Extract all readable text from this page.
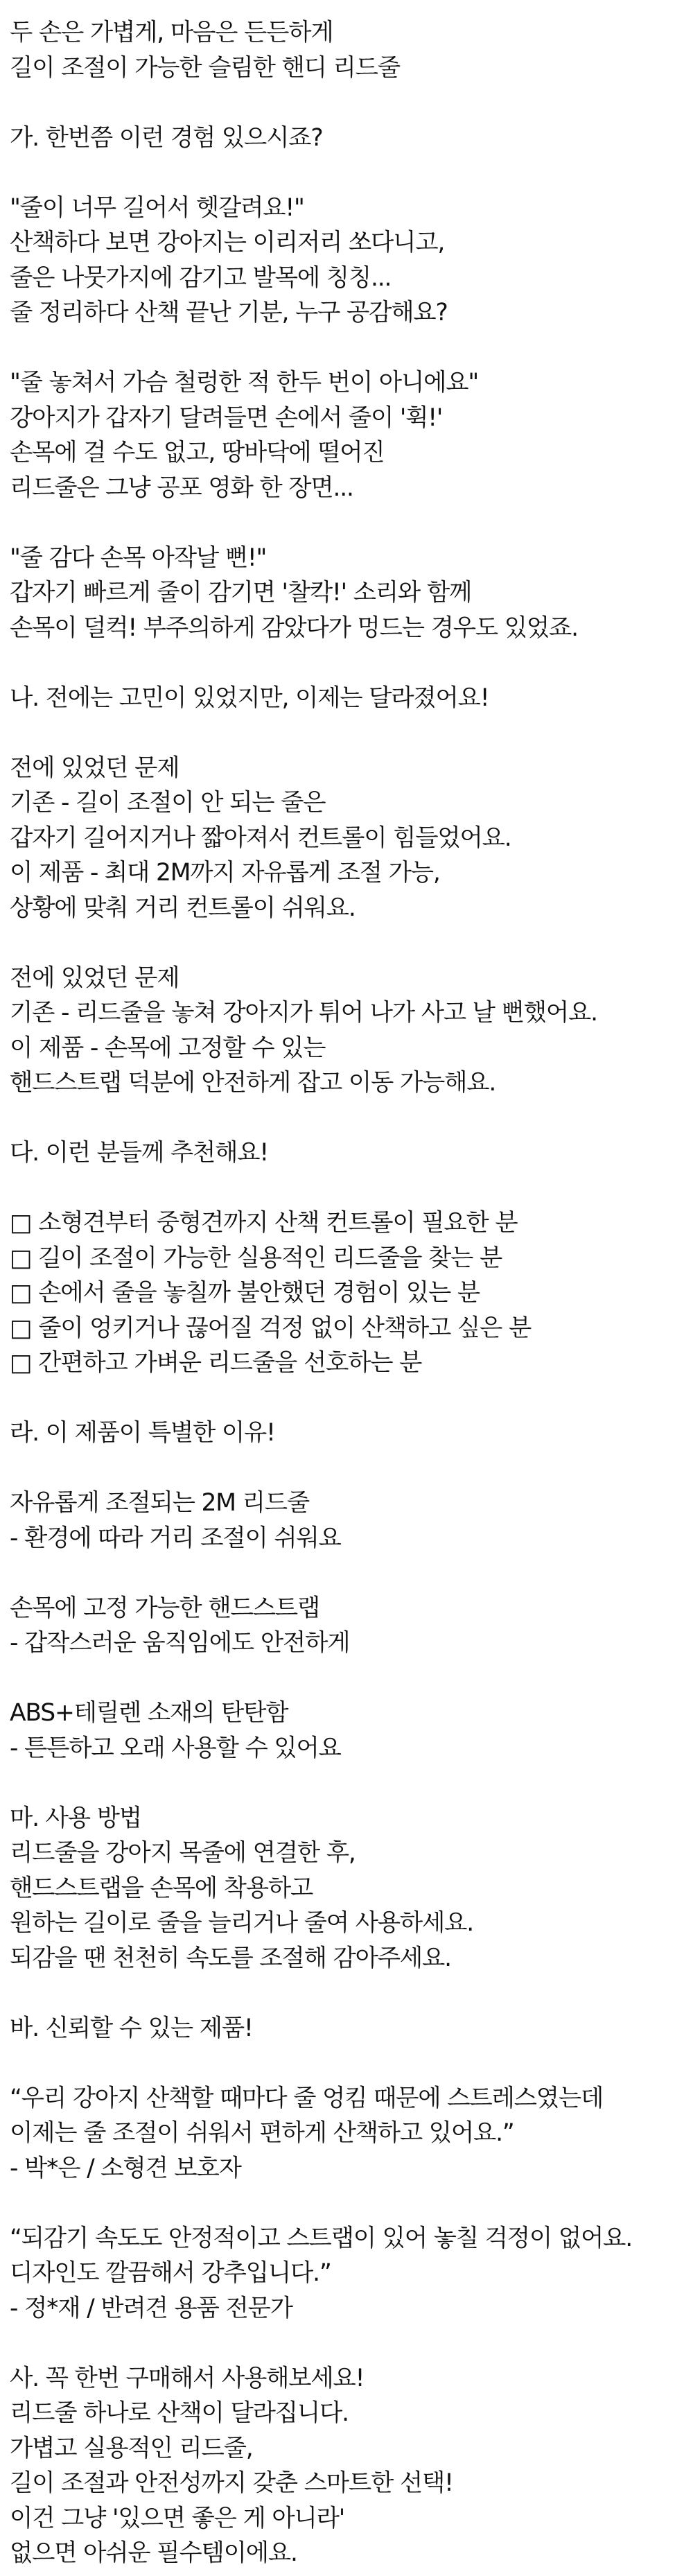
두 손은 가볍게, 마음은 든든하게
길이 조절이 가능한 슬림한 핸디 리드줄
가. 한번쯤 이런 경험 있으시죠?
"줄이 너무 길어서 헷갈려요!"
산책하다 보면 강아지는 이리저리 쏘다니고,
줄은 나뭇가지에 감기고 발목에 칭칭...
줄 정리하다 산책 끝난 기분, 누구 공감해요?
"줄 놓쳐서 가슴 철렁한 적 한두 번이 아니에요"
강아지가 갑자기 달려들면 손에서 줄이 '휙!'
손목에 걸 수도 없고, 땅바닥에 떨어진
리드줄은 그냥 공포 영화 한 장면...
"줄 감다 손목 아작날 뻔!"
갑자기 빠르게 줄이 감기면 '찰칵!' 소리와 함께
손목이 덜컥! 부주의하게 감았다가 멍드는 경우도 있었죠.
나. 전에는 고민이 있었지만, 이제는 달라졌어요!
전에 있었던 문제
기존 - 길이 조절이 안 되는 줄은
갑자기 길어지거나 짧아져서 컨트롤이 힘들었어요.
이 제품 - 최대 2M까지 자유롭게 조절 가능,
상황에 맞춰 거리 컨트롤이 쉬워요.
전에 있었던 문제
기존 - 리드줄을 놓쳐 강아지가 튀어 나가 사고 날 뻔했어요.
이 제품 - 손목에 고정할 수 있는
핸드스트랩 덕분에 안전하게 잡고 이동 가능해요.
다. 이런 분들께 추천해요!
□ 소형견부터 중형견까지 산책 컨트롤이 필요한 분
□ 길이 조절이 가능한 실용적인 리드줄을 찾는 분
□ 손에서 줄을 놓칠까 불안했던 경험이 있는 분
□ 줄이 엉키거나 끊어질 걱정 없이 산책하고 싶은 분
□ 간편하고 가벼운 리드줄을 선호하는 분
라. 이 제품이 특별한 이유!
자유롭게 조절되는 2M 리드줄
- 환경에 따라 거리 조절이 쉬워요
손목에 고정 가능한 핸드스트랩
- 갑작스러운 움직임에도 안전하게
ABS+테릴렌 소재의 탄탄함
- 튼튼하고 오래 사용할 수 있어요
마. 사용 방법
리드줄을 강아지 목줄에 연결한 후,
핸드스트랩을 손목에 착용하고
원하는 길이로 줄을 늘리거나 줄여 사용하세요.
되감을 땐 천천히 속도를 조절해 감아주세요.
바. 신뢰할 수 있는 제품!
“우리 강아지 산책할 때마다 줄 엉킴 때문에 스트레스였는데
이제는 줄 조절이 쉬워서 편하게 산책하고 있어요.”
- 박*은 / 소형견 보호자
“되감기 속도도 안정적이고 스트랩이 있어 놓칠 걱정이 없어요.
디자인도 깔끔해서 강추입니다.”
- 정*재 / 반려견 용품 전문가
사. 꼭 한번 구매해서 사용해보세요!
리드줄 하나로 산책이 달라집니다.
가볍고 실용적인 리드줄,
길이 조절과 안전성까지 갖춘 스마트한 선택!
이건 그냥 '있으면 좋은 게 아니라'
없으면 아쉬운 필수템이에요.
